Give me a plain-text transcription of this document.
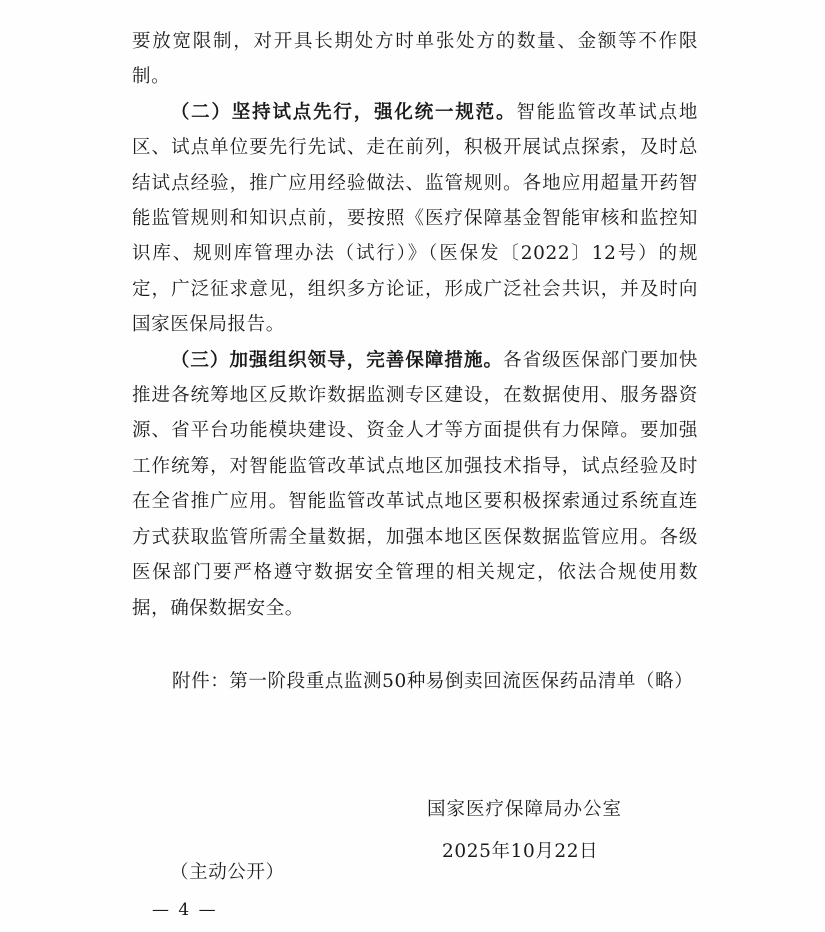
要放宽限制，对开具长期处方时单张处方的数量、金额等不作限制。

（二）坚持试点先行，强化统一规范。智能监管改革试点地区、试点单位要先行先试、走在前列，积极开展试点探索，及时总结试点经验，推广应用经验做法、监管规则。各地应用超量开药智能监管规则和知识点前，要按照《医疗保障基金智能审核和监控知识库、规则库管理办法（试行）》（医保发〔2022〕12号）的规定，广泛征求意见，组织多方论证，形成广泛社会共识，并及时向国家医保局报告。

（三）加强组织领导，完善保障措施。各省级医保部门要加快推进各统筹地区反欺诈数据监测专区建设，在数据使用、服务器资源、省平台功能模块建设、资金人才等方面提供有力保障。要加强工作统筹，对智能监管改革试点地区加强技术指导，试点经验及时在全省推广应用。智能监管改革试点地区要积极探索通过系统直连方式获取监管所需全量数据，加强本地区医保数据监管应用。各级医保部门要严格遵守数据安全管理的相关规定，依法合规使用数据，确保数据安全。

附件：第一阶段重点监测50种易倒卖回流医保药品清单（略）
国家医疗保障局办公室
2025年10月22日
（主动公开）
— 4 —
